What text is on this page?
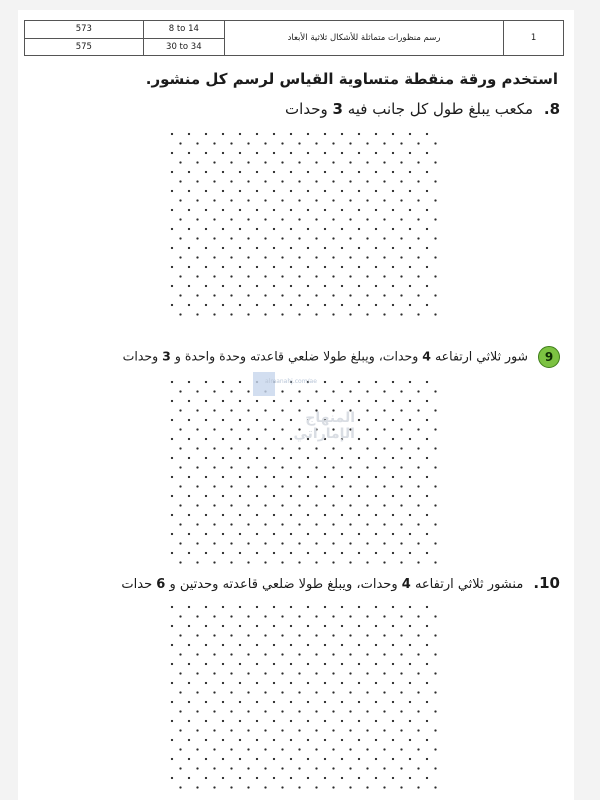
573	8 to 14	رسم منظورات متماثلة للأشكال ثلاثية الأبعاد	1
575	30 to 34		
استخدم ورقة منقطة متساوية القياس لرسم كل منشور.
8. مكعب يبلغ طول كل جانب فيه 3 وحدات
9 شور ثلاثي ارتفاعه 4 وحدات، ويبلغ طولا ضلعي قاعدته وحدة واحدة و 3 وحدات
almanahj.com/ae
المنهاج الإماراتي
10. منشور ثلاثي ارتفاعه 4 وحدات، ويبلغ طولا ضلعي قاعدته وحدتين و 6 حدات
